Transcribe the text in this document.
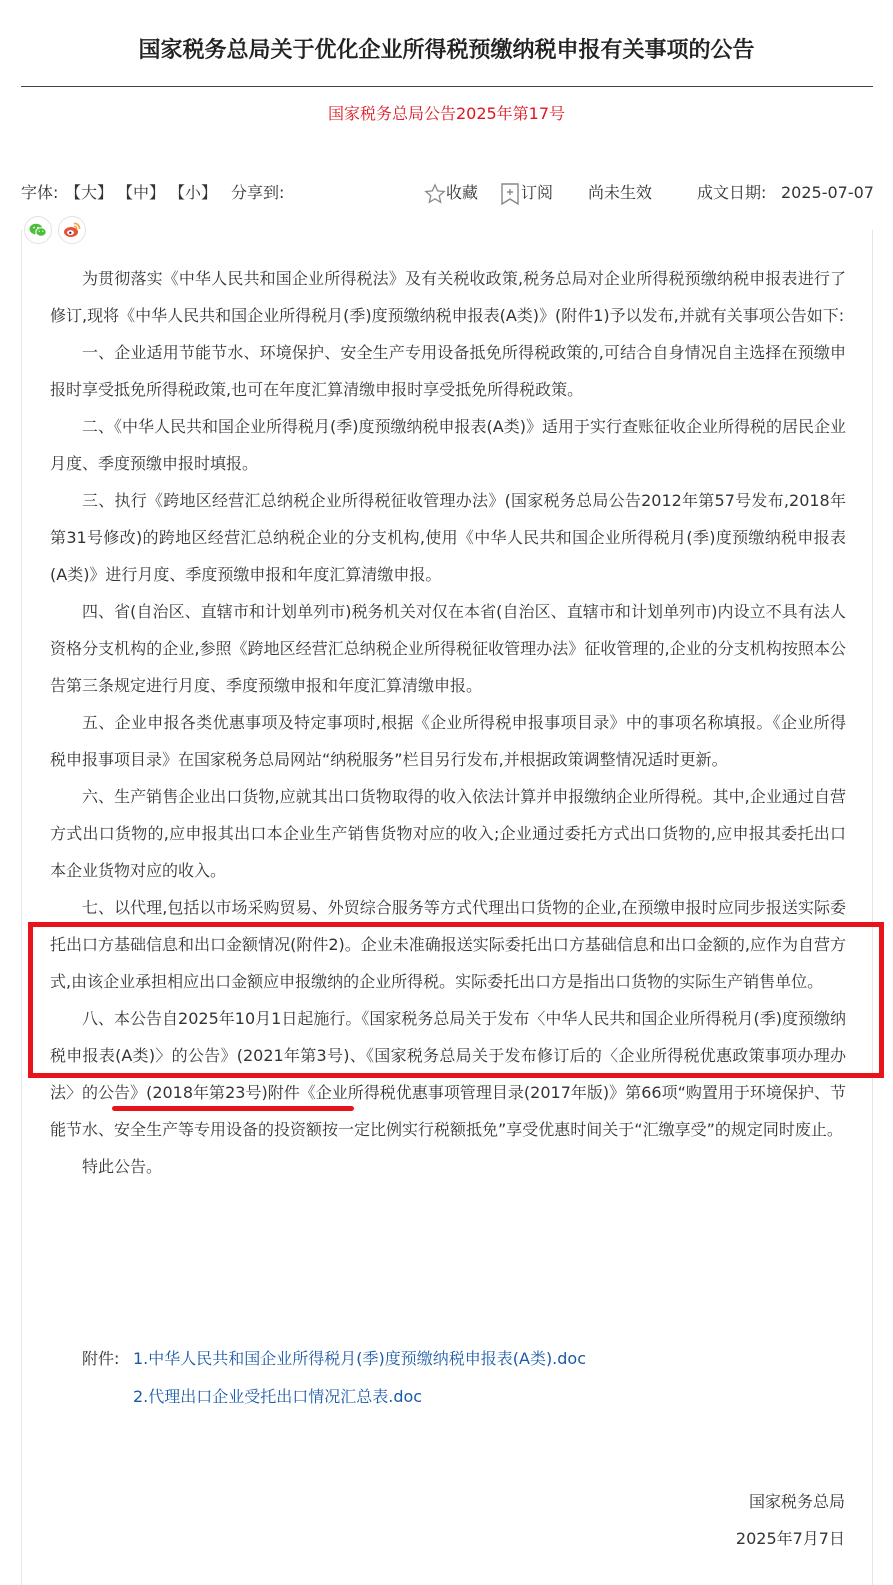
国家税务总局关于优化企业所得税预缴纳税申报有关事项的公告
国家税务总局公告2025年第17号
字体: 【大】 【中】 【小】 分享到:	收藏	订阅 尚未生效	成文日期: 2025-07-07

为贯彻落实《中华人民共和国企业所得税法》及有关税收政策,税务总局对企业所得税预缴纳税申报表进行了修订,现将《中华人民共和国企业所得税月(季)度预缴纳税申报表(A类)》(附件1)予以发布,并就有关事项公告如下:

一、企业适用节能节水、环境保护、安全生产专用设备抵免所得税政策的,可结合自身情况自主选择在预缴申报时享受抵免所得税政策,也可在年度汇算清缴申报时享受抵免所得税政策。

二、《中华人民共和国企业所得税月(季)度预缴纳税申报表(A类)》适用于实行查账征收企业所得税的居民企业月度、季度预缴申报时填报。

三、执行《跨地区经营汇总纳税企业所得税征收管理办法》(国家税务总局公告2012年第57号发布,2018年第31号修改)的跨地区经营汇总纳税企业的分支机构,使用《中华人民共和国企业所得税月(季)度预缴纳税申报表(A类)》进行月度、季度预缴申报和年度汇算清缴申报。

四、省(自治区、直辖市和计划单列市)税务机关对仅在本省(自治区、直辖市和计划单列市)内设立不具有法人资格分支机构的企业,参照《跨地区经营汇总纳税企业所得税征收管理办法》征收管理的,企业的分支机构按照本公告第三条规定进行月度、季度预缴申报和年度汇算清缴申报。

五、企业申报各类优惠事项及特定事项时,根据《企业所得税申报事项目录》中的事项名称填报。《企业所得税申报事项目录》在国家税务总局网站“纳税服务”栏目另行发布,并根据政策调整情况适时更新。

六、生产销售企业出口货物,应就其出口货物取得的收入依法计算并申报缴纳企业所得税。其中,企业通过自营方式出口货物的,应申报其出口本企业生产销售货物对应的收入;企业通过委托方式出口货物的,应申报其委托出口本企业货物对应的收入。

七、以代理,包括以市场采购贸易、外贸综合服务等方式代理出口货物的企业,在预缴申报时应同步报送实际委托出口方基础信息和出口金额情况(附件2)。企业未准确报送实际委托出口方基础信息和出口金额的,应作为自营方式,由该企业承担相应出口金额应申报缴纳的企业所得税。实际委托出口方是指出口货物的实际生产销售单位。

八、本公告自2025年10月1日起施行。《国家税务总局关于发布〈中华人民共和国企业所得税月(季)度预缴纳税申报表(A类)〉的公告》(2021年第3号)、《国家税务总局关于发布修订后的〈企业所得税优惠政策事项办理办法〉的公告》(2018年第23号)附件《企业所得税优惠事项管理目录(2017年版)》第66项“购置用于环境保护、节能节水、安全生产等专用设备的投资额按一定比例实行税额抵免”享受优惠时间关于“汇缴享受”的规定同时废止。

特此公告。

附件: 1.中华人民共和国企业所得税月(季)度预缴纳税申报表(A类).doc
2.代理出口企业受托出口情况汇总表.doc
国家税务总局
2025年7月7日
